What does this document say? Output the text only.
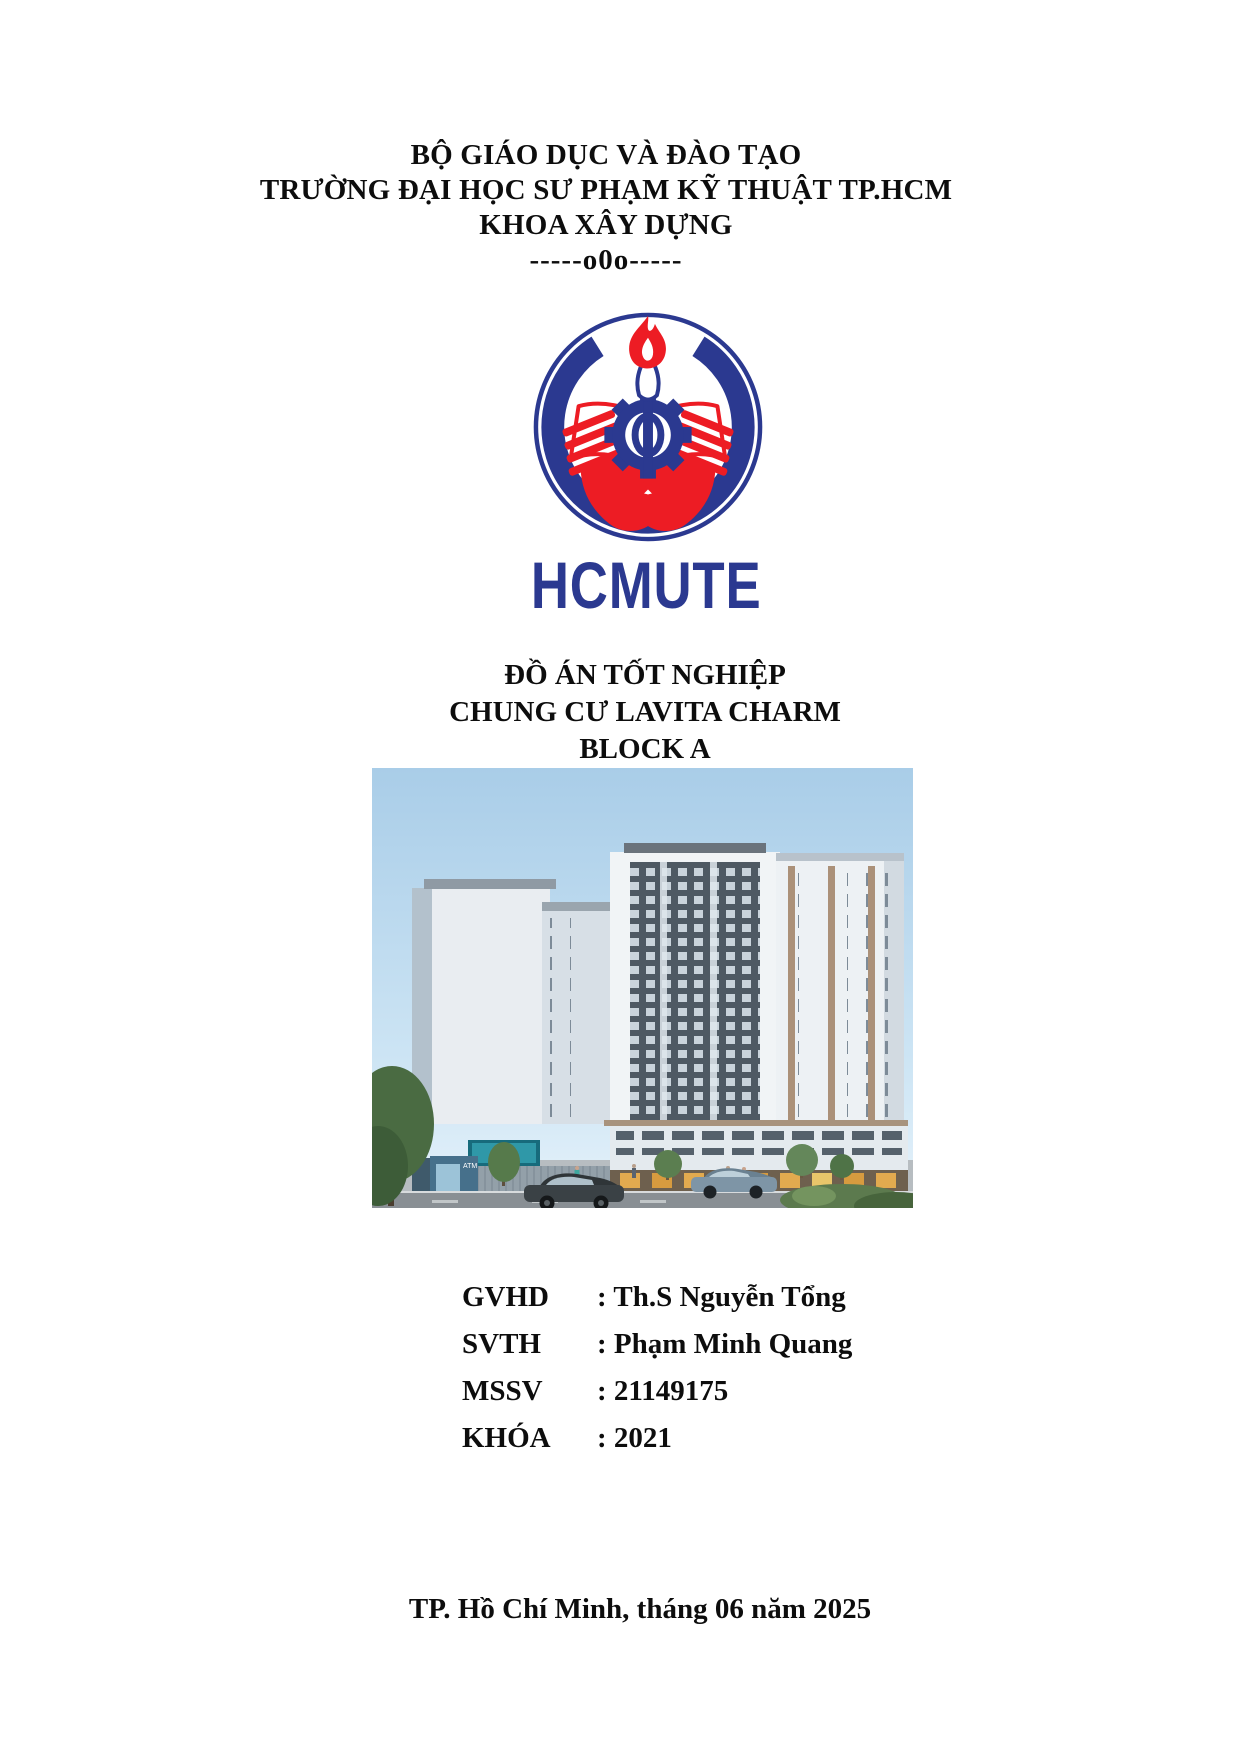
BỘ GIÁO DỤC VÀ ĐÀO TẠO
TRƯỜNG ĐẠI HỌC SƯ PHẠM KỸ THUẬT TP.HCM
KHOA XÂY DỰNG
-----o0o-----
HCMUTE
ĐỒ ÁN TỐT NGHIỆP
CHUNG CƯ LAVITA CHARM
BLOCK A
ATM
GVHD	: Th.S Nguyễn Tổng
SVTH	: Phạm Minh Quang
MSSV	: 21149175
KHÓA	: 2021
TP. Hồ Chí Minh, tháng 06 năm 2025
